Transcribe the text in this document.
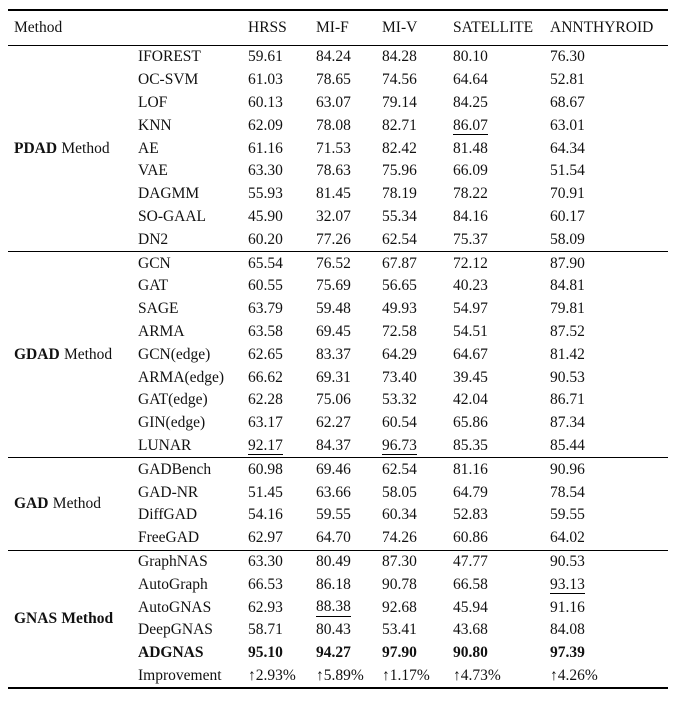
Method	HRSS	MI-F	MI-V	SATELLITE	ANNTHYROID
PDAD Method
IFOREST	59.61	84.24	84.28	80.10	76.30
OC-SVM	61.03	78.65	74.56	64.64	52.81
LOF	60.13	63.07	79.14	84.25	68.67
KNN	62.09	78.08	82.71	86.07	63.01
AE	61.16	71.53	82.42	81.48	64.34
VAE	63.30	78.63	75.96	66.09	51.54
DAGMM	55.93	81.45	78.19	78.22	70.91
SO-GAAL	45.90	32.07	55.34	84.16	60.17
DN2	60.20	77.26	62.54	75.37	58.09
GDAD Method
GCN	65.54	76.52	67.87	72.12	87.90
GAT	60.55	75.69	56.65	40.23	84.81
SAGE	63.79	59.48	49.93	54.97	79.81
ARMA	63.58	69.45	72.58	54.51	87.52
GCN(edge)	62.65	83.37	64.29	64.67	81.42
ARMA(edge)	66.62	69.31	73.40	39.45	90.53
GAT(edge)	62.28	75.06	53.32	42.04	86.71
GIN(edge)	63.17	62.27	60.54	65.86	87.34
LUNAR	92.17	84.37	96.73	85.35	85.44
GAD Method
GADBench	60.98	69.46	62.54	81.16	90.96
GAD-NR	51.45	63.66	58.05	64.79	78.54
DiffGAD	54.16	59.55	60.34	52.83	59.55
FreeGAD	62.97	64.70	74.26	60.86	64.02
GNAS Method
GraphNAS	63.30	80.49	87.30	47.77	90.53
AutoGraph	66.53	86.18	90.78	66.58	93.13
AutoGNAS	62.93	88.38	92.68	45.94	91.16
DeepGNAS	58.71	80.43	53.41	43.68	84.08
ADGNAS	95.10	94.27	97.90	90.80	97.39
Improvement	↑2.93%	↑5.89%	↑1.17%	↑4.73%	↑4.26%
